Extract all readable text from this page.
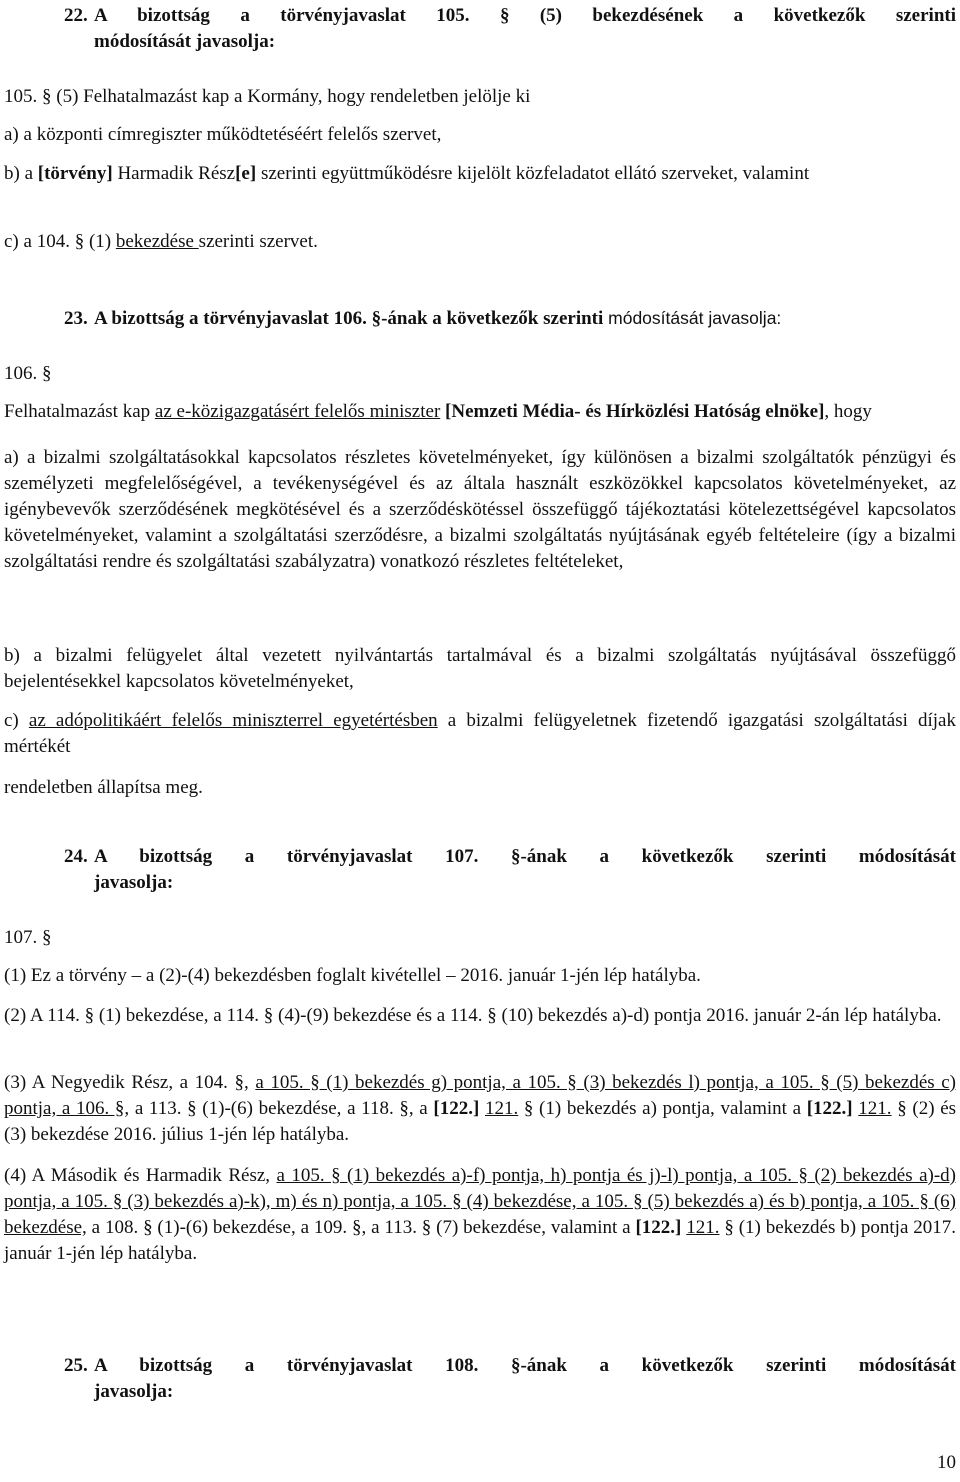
22. A bizottság a törvényjavaslat 105. § (5) bekezdésének a következők szerinti
módosítását javasolja:

105. § (5) Felhatalmazást kap a Kormány, hogy rendeletben jelölje ki

a) a központi címregiszter működtetéséért felelős szervet,

b) a [törvény] Harmadik Rész[e] szerinti együttműködésre kijelölt közfeladatot ellátó szerveket, valamint

c) a 104. § (1) bekezdése szerinti szervet.

23. A bizottság a törvényjavaslat 106. §-ának a következők szerinti módosítását javasolja:

106. §

Felhatalmazást kap az e-közigazgatásért felelős miniszter [Nemzeti Média- és Hírközlési Hatóság elnöke], hogy

a) a bizalmi szolgáltatásokkal kapcsolatos részletes követelményeket, így különösen a bizalmi szolgáltatók pénzügyi és személyzeti megfelelőségével, a tevékenységével és az általa használt eszközökkel kapcsolatos követelményeket, az igénybevevők szerződésének megkötésével és a szerződéskötéssel összefüggő tájékoztatási kötelezettségével kapcsolatos követelményeket, valamint a szolgáltatási szerződésre, a bizalmi szolgáltatás nyújtásának egyéb feltételeire (így a bizalmi szolgáltatási rendre és szolgáltatási szabályzatra) vonatkozó részletes feltételeket,

b) a bizalmi felügyelet által vezetett nyilvántartás tartalmával és a bizalmi szolgáltatás nyújtásával összefüggő bejelentésekkel kapcsolatos követelményeket,

c) az adópolitikáért felelős miniszterrel egyetértésben a bizalmi felügyeletnek fizetendő igazgatási szolgáltatási díjak mértékét

rendeletben állapítsa meg.

24. A bizottság a törvényjavaslat 107. §-ának a következők szerinti módosítását
javasolja:

107. §

(1) Ez a törvény – a (2)-(4) bekezdésben foglalt kivétellel – 2016. január 1-jén lép hatályba.

(2) A 114. § (1) bekezdése, a 114. § (4)-(9) bekezdése és a 114. § (10) bekezdés a)-d) pontja 2016. január 2-án lép hatályba.

(3) A Negyedik Rész, a 104. §, a 105. § (1) bekezdés g) pontja, a 105. § (3) bekezdés l) pontja, a 105. § (5) bekezdés c) pontja, a 106. §, a 113. § (1)-(6) bekezdése, a 118. §, a [122.] 121. § (1) bekezdés a) pontja, valamint a [122.] 121. § (2) és (3) bekezdése 2016. július 1-jén lép hatályba.

(4) A Második és Harmadik Rész, a 105. § (1) bekezdés a)-f) pontja, h) pontja és j)-l) pontja, a 105. § (2) bekezdés a)-d) pontja, a 105. § (3) bekezdés a)-k), m) és n) pontja, a 105. § (4) bekezdése, a 105. § (5) bekezdés a) és b) pontja, a 105. § (6) bekezdése, a 108. § (1)-(6) bekezdése, a 109. §, a 113. § (7) bekezdése, valamint a [122.] 121. § (1) bekezdés b) pontja 2017. január 1-jén lép hatályba.

25. A bizottság a törvényjavaslat 108. §-ának a következők szerinti módosítását
javasolja:
10
